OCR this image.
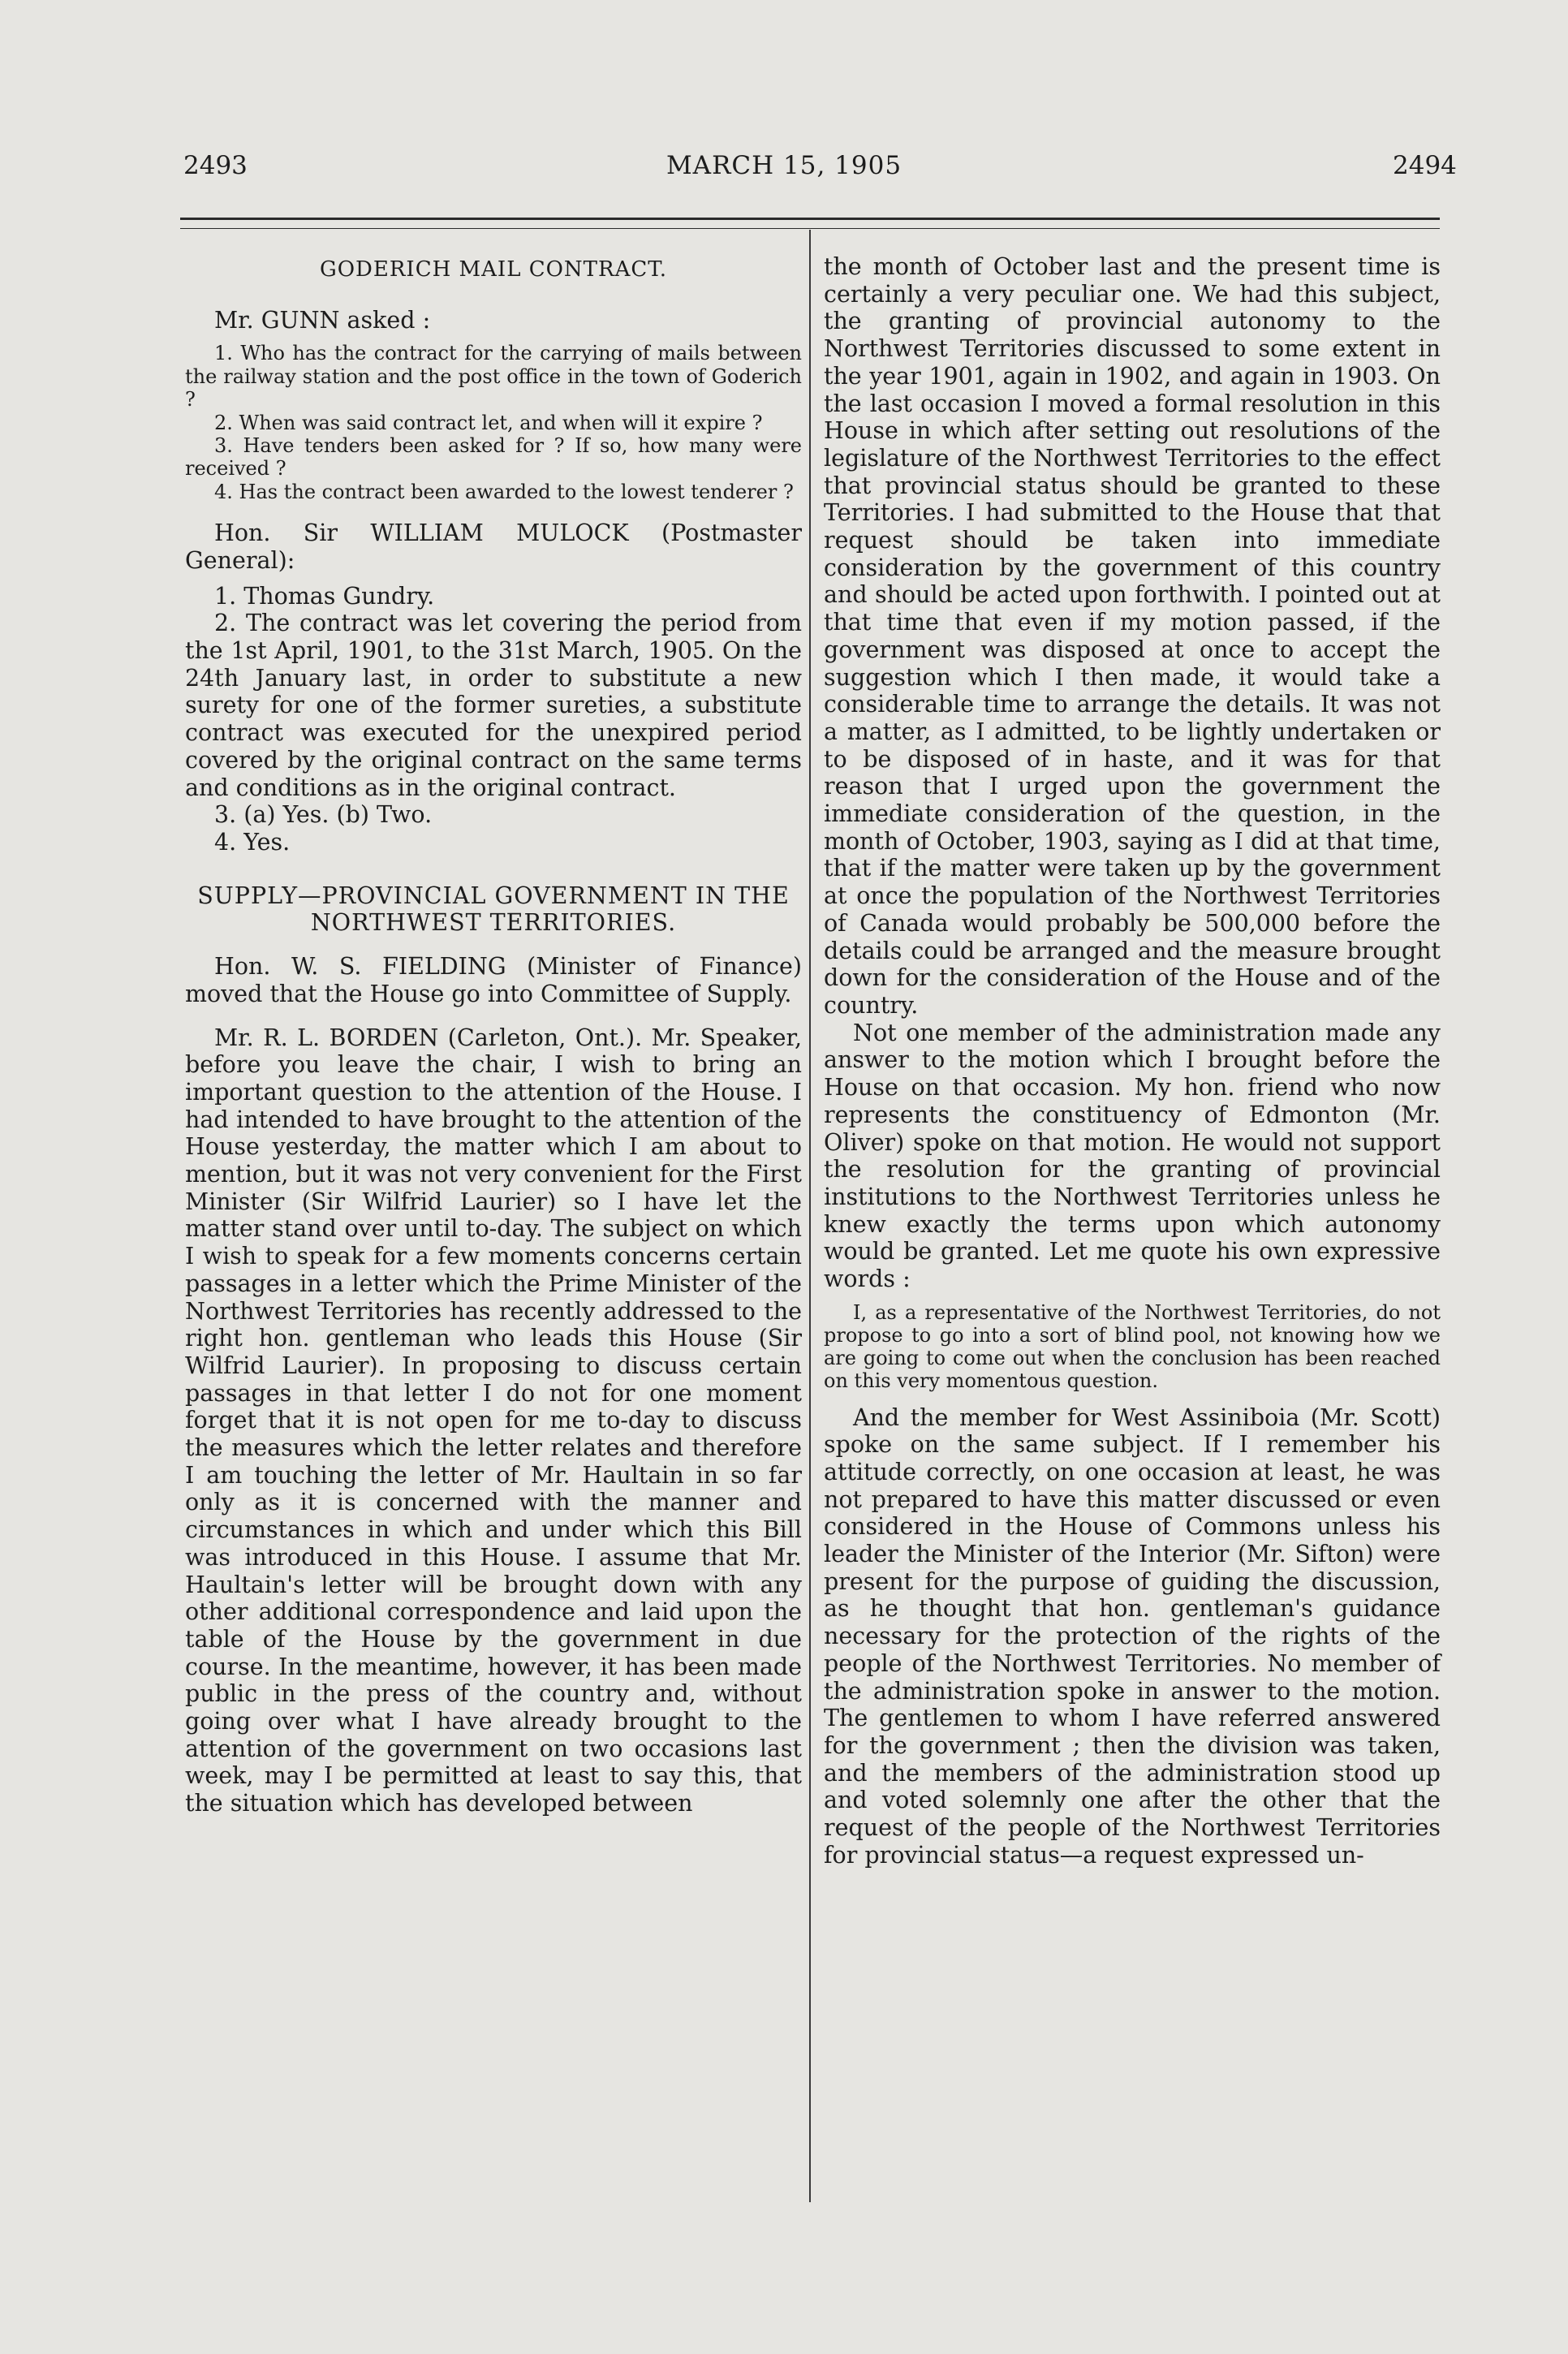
2493	MARCH 15, 1905	2494
GODERICH MAIL CONTRACT.

Mr. GUNN asked :

1. Who has the contract for the carrying of mails between the railway station and the post office in the town of Goderich ?

2. When was said contract let, and when will it expire ?

3. Have tenders been asked for ? If so, how many were received ?

4. Has the contract been awarded to the lowest tenderer ?

Hon. Sir WILLIAM MULOCK (Postmaster General):

1. Thomas Gundry.

2. The contract was let covering the period from the 1st April, 1901, to the 31st March, 1905. On the 24th January last, in order to substitute a new surety for one of the former sureties, a substitute contract was executed for the unexpired period covered by the original contract on the same terms and conditions as in the original contract.

3. (a) Yes. (b) Two.

4. Yes.

SUPPLY—PROVINCIAL GOVERNMENT IN THE NORTHWEST TERRITORIES.

Hon. W. S. FIELDING (Minister of Finance) moved that the House go into Committee of Supply.

Mr. R. L. BORDEN (Carleton, Ont.). Mr. Speaker, before you leave the chair, I wish to bring an important question to the attention of the House. I had intended to have brought to the attention of the House yesterday, the matter which I am about to mention, but it was not very convenient for the First Minister (Sir Wilfrid Laurier) so I have let the matter stand over until to-day. The subject on which I wish to speak for a few moments concerns certain passages in a letter which the Prime Minister of the Northwest Territories has recently addressed to the right hon. gentleman who leads this House (Sir Wilfrid Laurier). In proposing to discuss certain passages in that letter I do not for one moment forget that it is not open for me to-day to discuss the measures which the letter relates and therefore I am touching the letter of Mr. Haultain in so far only as it is concerned with the manner and circumstances in which and under which this Bill was introduced in this House. I assume that Mr. Haultain's letter will be brought down with any other additional correspondence and laid upon the table of the House by the government in due course. In the meantime, however, it has been made public in the press of the country and, without going over what I have already brought to the attention of the government on two occasions last week, may I be permitted at least to say this, that the situation which has developed between

the month of October last and the present time is certainly a very peculiar one. We had this subject, the granting of provincial autonomy to the Northwest Territories discussed to some extent in the year 1901, again in 1902, and again in 1903. On the last occasion I moved a formal resolution in this House in which after setting out resolutions of the legislature of the Northwest Territories to the effect that provincial status should be granted to these Territories. I had submitted to the House that that request should be taken into immediate consideration by the government of this country and should be acted upon forthwith. I pointed out at that time that even if my motion passed, if the government was disposed at once to accept the suggestion which I then made, it would take a considerable time to arrange the details. It was not a matter, as I admitted, to be lightly undertaken or to be disposed of in haste, and it was for that reason that I urged upon the government the immediate consideration of the question, in the month of October, 1903, saying as I did at that time, that if the matter were taken up by the government at once the population of the Northwest Territories of Canada would probably be 500,000 before the details could be arranged and the measure brought down for the consideration of the House and of the country.

Not one member of the administration made any answer to the motion which I brought before the House on that occasion. My hon. friend who now represents the constituency of Edmonton (Mr. Oliver) spoke on that motion. He would not support the resolution for the granting of provincial institutions to the Northwest Territories unless he knew exactly the terms upon which autonomy would be granted. Let me quote his own expressive words :

I, as a representative of the Northwest Territories, do not propose to go into a sort of blind pool, not knowing how we are going to come out when the conclusion has been reached on this very momentous question.

And the member for West Assiniboia (Mr. Scott) spoke on the same subject. If I remember his attitude correctly, on one occasion at least, he was not prepared to have this matter discussed or even considered in the House of Commons unless his leader the Minister of the Interior (Mr. Sifton) were present for the purpose of guiding the discussion, as he thought that hon. gentleman's guidance necessary for the protection of the rights of the people of the Northwest Territories. No member of the administration spoke in answer to the motion. The gentlemen to whom I have referred answered for the government ; then the division was taken, and the members of the administration stood up and voted solemnly one after the other that the request of the people of the Northwest Territories for provincial status—a request expressed un-
